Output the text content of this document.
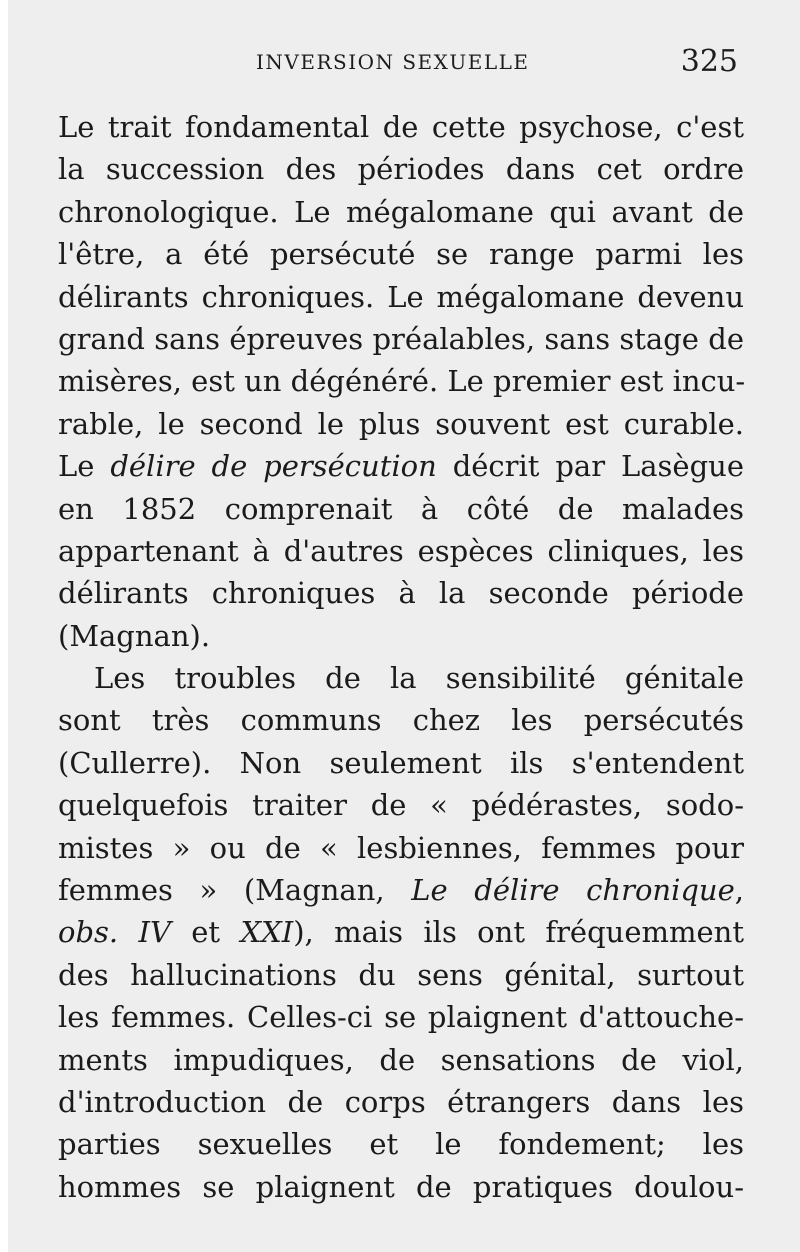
INVERSION SEXUELLE	325
Le trait fondamental de cette psychose, c'est
la succession des périodes dans cet ordre
chronologique. Le mégalomane qui avant de
l'être, a été persécuté se range parmi les
délirants chroniques. Le mégalomane devenu
grand sans épreuves préalables, sans stage de
misères, est un dégénéré. Le premier est incu-
rable, le second le plus souvent est curable.
Le délire de persécution décrit par Lasègue
en 1852 comprenait à côté de malades
appartenant à d'autres espèces cliniques, les
délirants chroniques à la seconde période
(Magnan).
Les troubles de la sensibilité génitale
sont très communs chez les persécutés
(Cullerre). Non seulement ils s'entendent
quelquefois traiter de « pédérastes, sodo-
mistes » ou de « lesbiennes, femmes pour
femmes » (Magnan, Le délire chronique,
obs. IV et XXI), mais ils ont fréquemment
des hallucinations du sens génital, surtout
les femmes. Celles-ci se plaignent d'attouche-
ments impudiques, de sensations de viol,
d'introduction de corps étrangers dans les
parties sexuelles et le fondement; les
hommes se plaignent de pratiques doulou-
